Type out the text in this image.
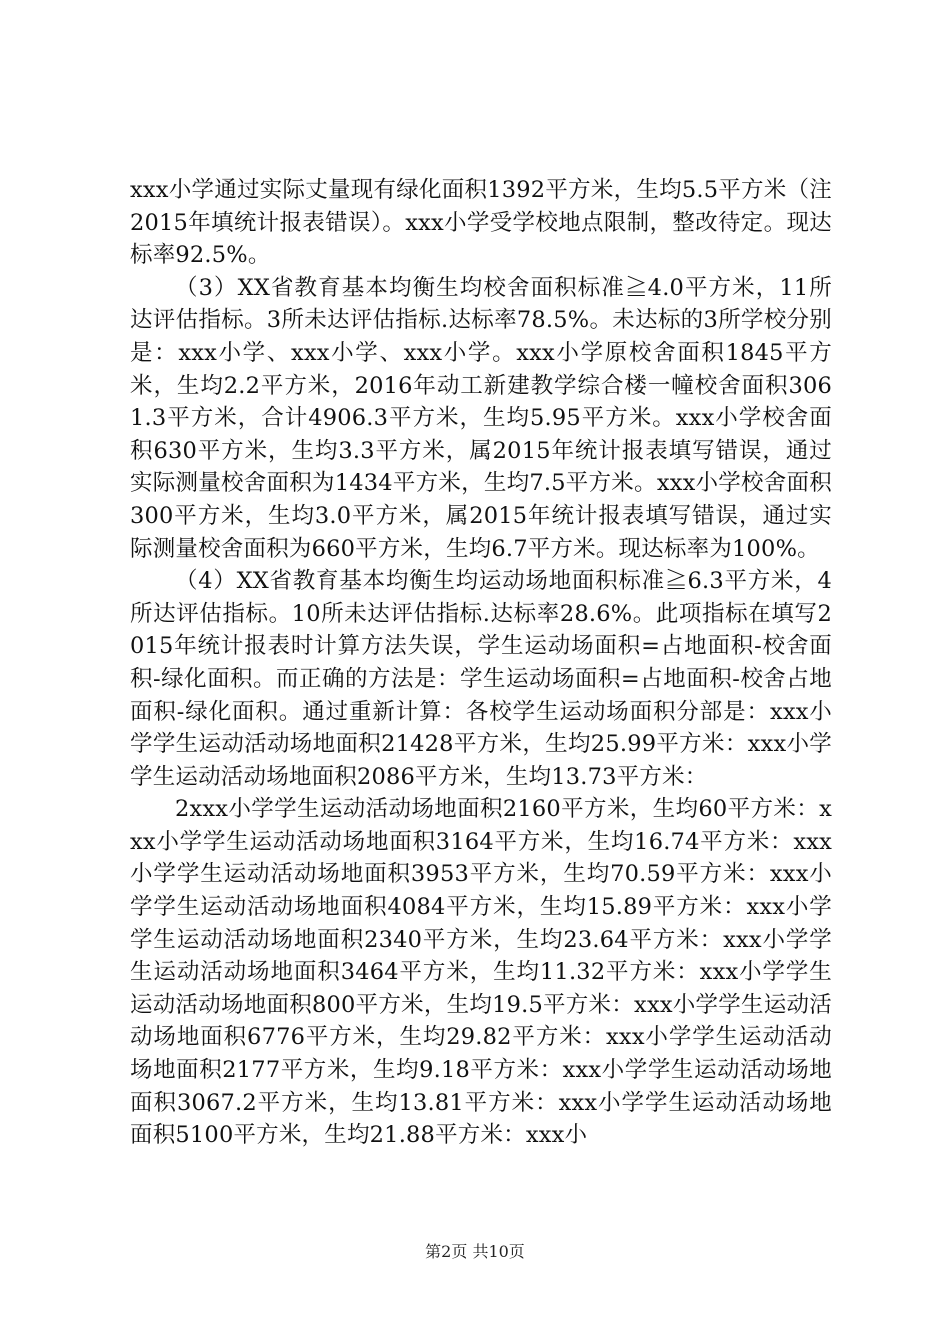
xxx小学通过实际丈量现有绿化面积1392平方米，生均5.5平方米（注2015年填统计报表错误）。xxx小学受学校地点限制，整改待定。现达标率92.5%。

（3）XX省教育基本均衡生均校舍面积标准≧4.0平方米，11所达评估指标。3所未达评估指标.达标率78.5%。未达标的3所学校分别是：xxx小学、xxx小学、xxx小学。xxx小学原校舍面积1845平方米，生均2.2平方米，2016年动工新建教学综合楼一幢校舍面积3061.3平方米，合计4906.3平方米，生均5.95平方米。xxx小学校舍面积630平方米，生均3.3平方米，属2015年统计报表填写错误，通过实际测量校舍面积为1434平方米，生均7.5平方米。xxx小学校舍面积300平方米，生均3.0平方米，属2015年统计报表填写错误，通过实际测量校舍面积为660平方米，生均6.7平方米。现达标率为100%。

（4）XX省教育基本均衡生均运动场地面积标准≧6.3平方米，4所达评估指标。10所未达评估指标.达标率28.6%。此项指标在填写2015年统计报表时计算方法失误，学生运动场面积=占地面积-校舍面积-绿化面积。而正确的方法是：学生运动场面积=占地面积-校舍占地面积-绿化面积。通过重新计算：各校学生运动场面积分部是：xxx小学学生运动活动场地面积21428平方米，生均25.99平方米：xxx小学学生运动活动场地面积2086平方米，生均13.73平方米：

2xxx小学学生运动活动场地面积2160平方米，生均60平方米：xxx小学学生运动活动场地面积3164平方米，生均16.74平方米：xxx小学学生运动活动场地面积3953平方米，生均70.59平方米：xxx小学学生运动活动场地面积4084平方米，生均15.89平方米：xxx小学学生运动活动场地面积2340平方米，生均23.64平方米：xxx小学学生运动活动场地面积3464平方米，生均11.32平方米：xxx小学学生运动活动场地面积800平方米，生均19.5平方米：xxx小学学生运动活动场地面积6776平方米，生均29.82平方米：xxx小学学生运动活动场地面积2177平方米，生均9.18平方米：xxx小学学生运动活动场地面积3067.2平方米，生均13.81平方米：xxx小学学生运动活动场地面积5100平方米，生均21.88平方米：xxx小

第2页 共10页
